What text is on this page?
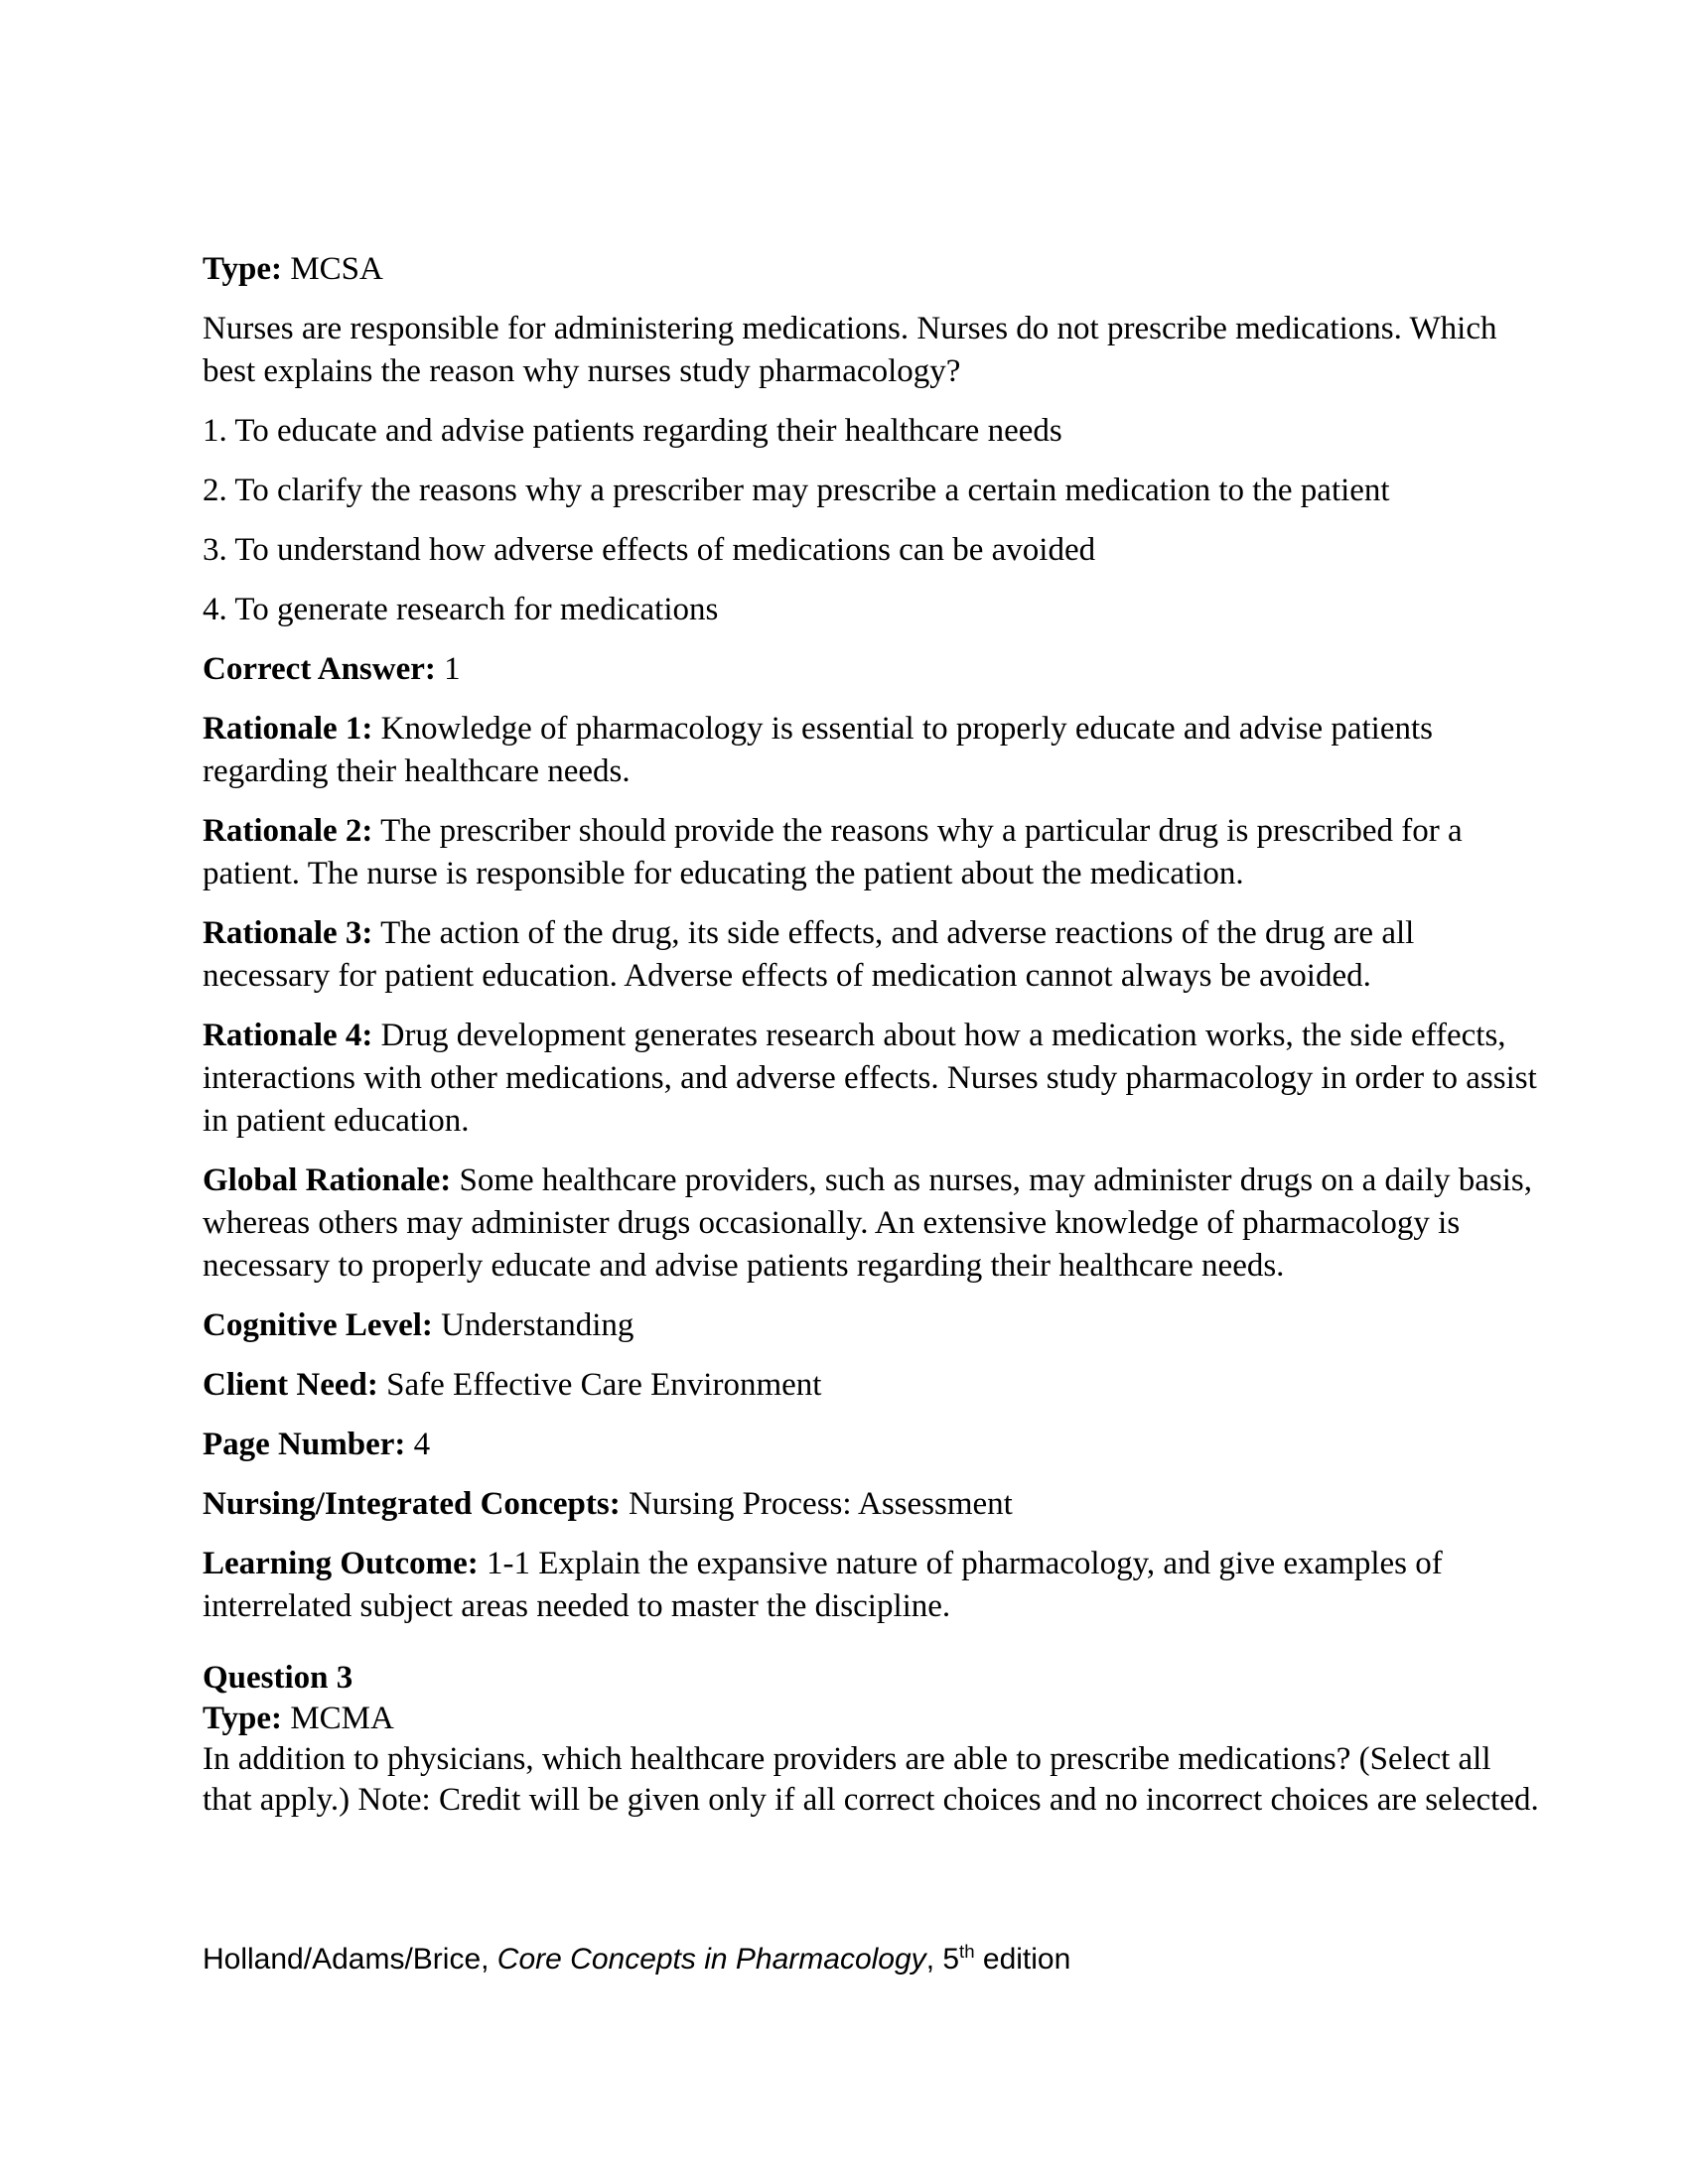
Type: MCSA

Nurses are responsible for administering medications. Nurses do not prescribe medications. Which best explains the reason why nurses study pharmacology?

1. To educate and advise patients regarding their healthcare needs

2. To clarify the reasons why a prescriber may prescribe a certain medication to the patient

3. To understand how adverse effects of medications can be avoided

4. To generate research for medications

Correct Answer: 1

Rationale 1: Knowledge of pharmacology is essential to properly educate and advise patients regarding their healthcare needs.

Rationale 2: The prescriber should provide the reasons why a particular drug is prescribed for a patient. The nurse is responsible for educating the patient about the medication.

Rationale 3: The action of the drug, its side effects, and adverse reactions of the drug are all necessary for patient education. Adverse effects of medication cannot always be avoided.

Rationale 4: Drug development generates research about how a medication works, the side effects, interactions with other medications, and adverse effects. Nurses study pharmacology in order to assist in patient education.

Global Rationale: Some healthcare providers, such as nurses, may administer drugs on a daily basis, whereas others may administer drugs occasionally. An extensive knowledge of pharmacology is necessary to properly educate and advise patients regarding their healthcare needs.

Cognitive Level: Understanding

Client Need: Safe Effective Care Environment

Page Number: 4

Nursing/Integrated Concepts: Nursing Process: Assessment

Learning Outcome: 1-1 Explain the expansive nature of pharmacology, and give examples of interrelated subject areas needed to master the discipline.

Question 3

Type: MCMA

In addition to physicians, which healthcare providers are able to prescribe medications? (Select all that apply.) Note: Credit will be given only if all correct choices and no incorrect choices are selected.

Holland/Adams/Brice, Core Concepts in Pharmacology, 5th edition
